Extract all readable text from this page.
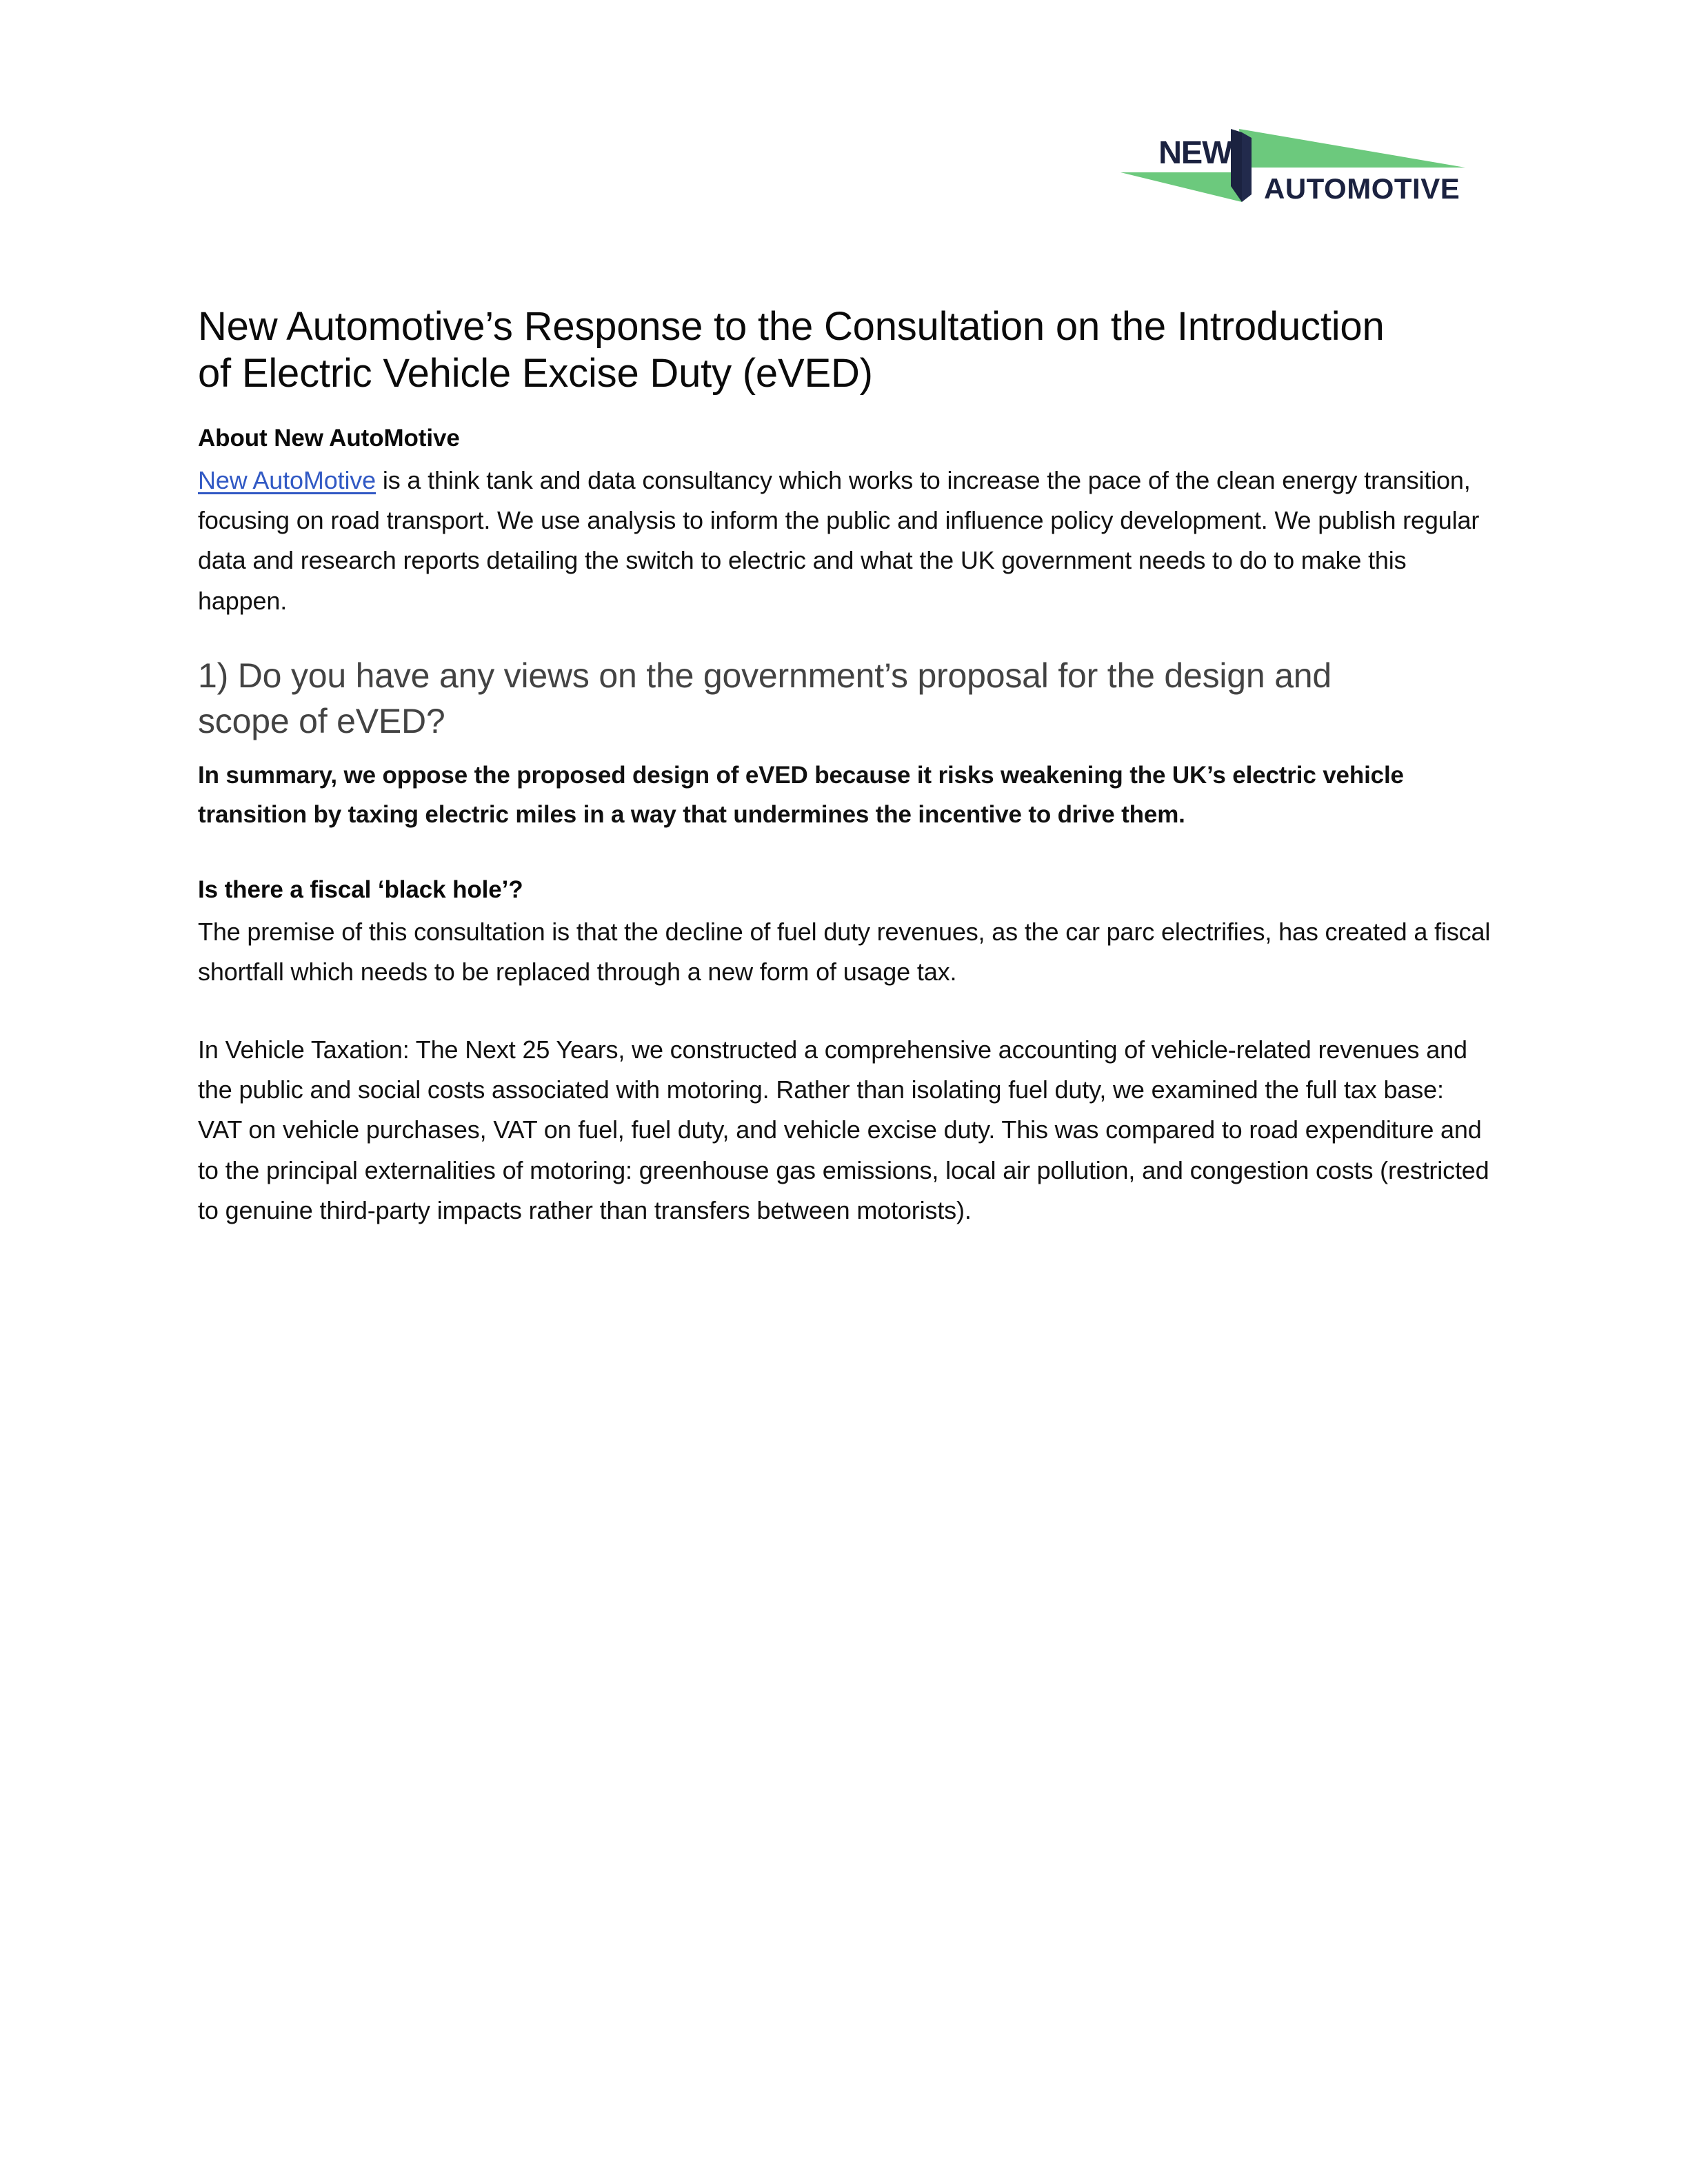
NEW
AUTOMOTIVE
New Automotive’s Response to the Consultation on the Introduction of Electric Vehicle Excise Duty (eVED)
About New AutoMotive

New AutoMotive is a think tank and data consultancy which works to increase the pace of the clean energy transition, focusing on road transport. We use analysis to inform the public and influence policy development. We publish regular data and research reports detailing the switch to electric and what the UK government needs to do to make this happen.

1) Do you have any views on the government’s proposal for the design and scope of eVED?

In summary, we oppose the proposed design of eVED because it risks weakening the UK’s electric vehicle transition by taxing electric miles in a way that undermines the incentive to drive them.

Is there a fiscal ‘black hole’?

The premise of this consultation is that the decline of fuel duty revenues, as the car parc electrifies, has created a fiscal shortfall which needs to be replaced through a new form of usage tax.

In Vehicle Taxation: The Next 25 Years, we constructed a comprehensive accounting of vehicle-related revenues and the public and social costs associated with motoring. Rather than isolating fuel duty, we examined the full tax base: VAT on vehicle purchases, VAT on fuel, fuel duty, and vehicle excise duty. This was compared to road expenditure and to the principal externalities of motoring: greenhouse gas emissions, local air pollution, and congestion costs (restricted to genuine third-party impacts rather than transfers between motorists).
